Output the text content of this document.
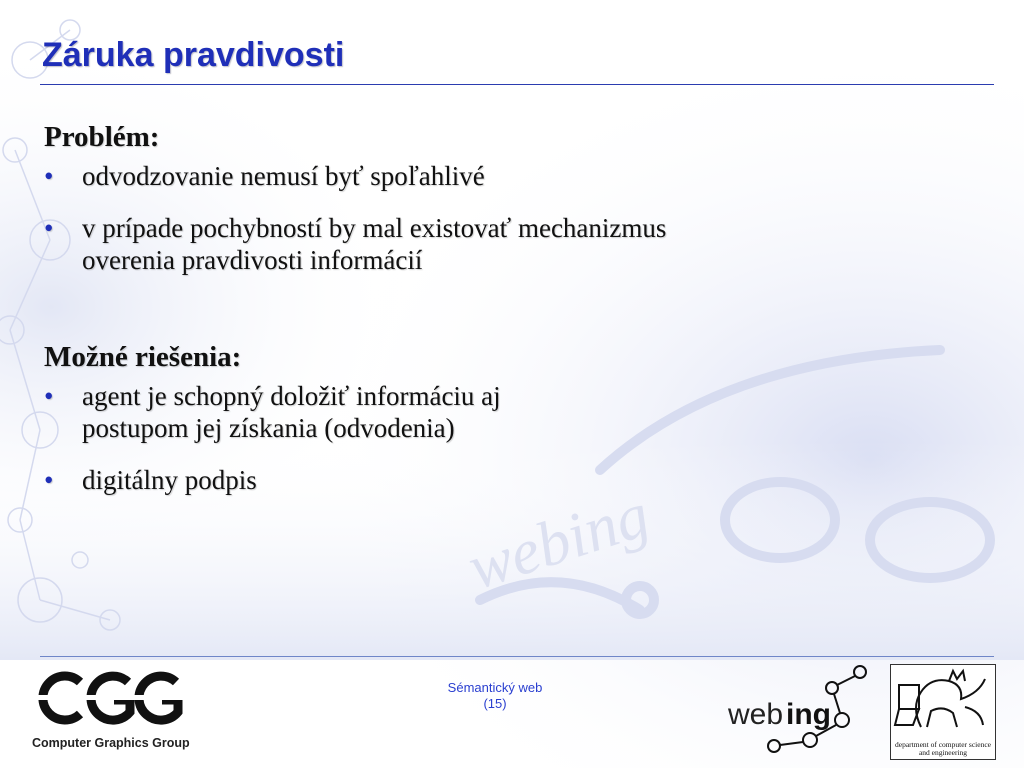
webing
Záruka pravdivosti

Problém:

• odvodzovanie nemusí byť spoľahlivé
• v prípade pochybností by mal existovať mechanizmus
overenia pravdivosti informácií

Možné riešenia:

• agent je schopný doložiť informáciu aj
postupom jej získania (odvodenia)
• digitálny podpis
Computer Graphics Group
Sémantický web
(15)	web ing
department of computer science
and engineering
